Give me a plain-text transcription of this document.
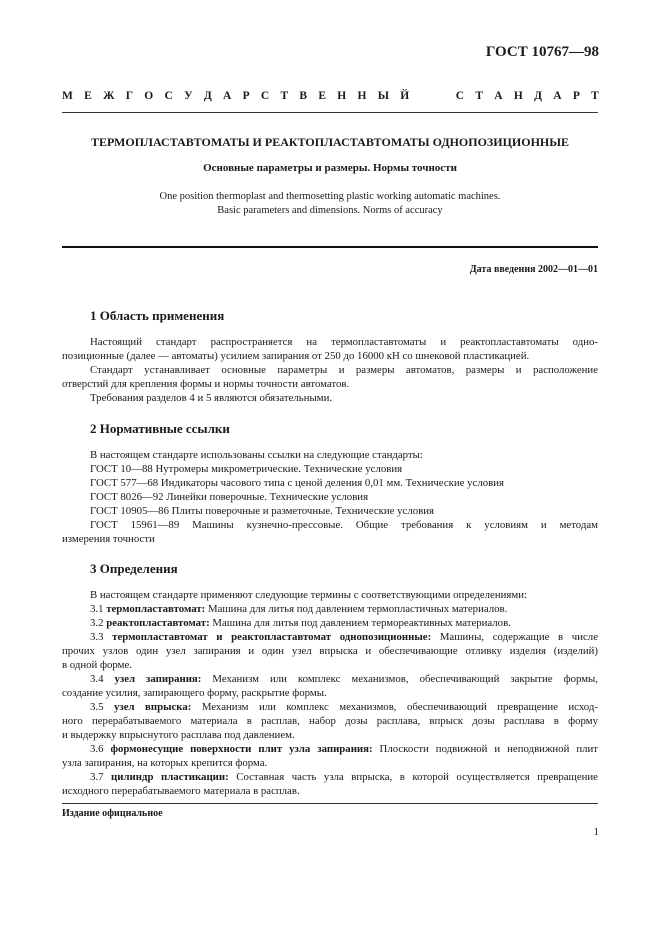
ГОСТ 10767—98
М Е Ж Г О С У Д А Р С Т В Е Н Н Ы Й	С Т А Н Д А Р Т
ТЕРМОПЛАСТАВТОМАТЫ И РЕАКТОПЛАСТАВТОМАТЫ ОДНОПОЗИЦИОННЫЕ
Основные параметры и размеры. Нормы точности
One position thermoplast and thermosetting plastic working automatic machines.
Basic parameters and dimensions. Norms of accuracy
Дата введения 2002—01—01
1 Область применения
Настоящий стандарт распространяется на термопластавтоматы и реактопластавтоматы одно-
позиционные (далее — автоматы) усилием запирания от 250 до 16000 кН со шнековой пластикацией.
Стандарт устанавливает основные параметры и размеры автоматов, размеры и расположение
отверстий для крепления формы и нормы точности автоматов.
Требования разделов 4 и 5 являются обязательными.
2 Нормативные ссылки
В настоящем стандарте использованы ссылки на следующие стандарты:
ГОСТ 10—88 Нутромеры микрометрические. Технические условия
ГОСТ 577—68 Индикаторы часового типа с ценой деления 0,01 мм. Технические условия
ГОСТ 8026—92 Линейки поверочные. Технические условия
ГОСТ 10905—86 Плиты поверочные и разметочные. Технические условия
ГОСТ 15961—89 Машины кузнечно-прессовые. Общие требования к условиям и методам
измерения точности
3 Определения
В настоящем стандарте применяют следующие термины с соответствующими определениями:
3.1 термопластавтомат: Машина для литья под давлением термопластичных материалов.
3.2 реактопластавтомат: Машина для литья под давлением термореактивных материалов.
3.3 термопластавтомат и реактопластавтомат однопозиционные: Машины, содержащие в числе
прочих узлов один узел запирания и один узел впрыска и обеспечивающие отливку изделия (изделий)
в одной форме.
3.4 узел запирания: Механизм или комплекс механизмов, обеспечивающий закрытие формы,
создание усилия, запирающего форму, раскрытие формы.
3.5 узел впрыска: Механизм или комплекс механизмов, обеспечивающий превращение исход-
ного перерабатываемого материала в расплав, набор дозы расплава, впрыск дозы расплава в форму
и выдержку впрыснутого расплава под давлением.
3.6 формонесущие поверхности плит узла запирания: Плоскости подвижной и неподвижной плит
узла запирания, на которых крепится форма.
3.7 цилиндр пластикации: Составная часть узла впрыска, в которой осуществляется превращение
исходного перерабатываемого материала в расплав.
Издание официальное
1
